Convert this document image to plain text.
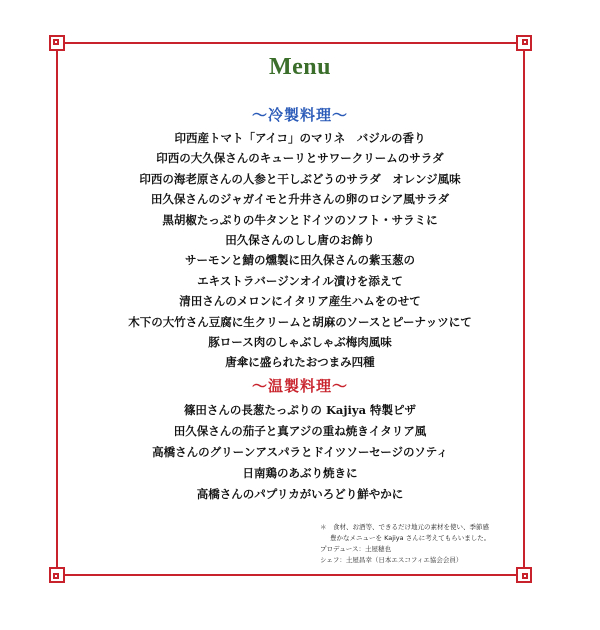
Menu
～冷製料理～
印西産トマト「アイコ」のマリネ　バジルの香り
印西の大久保さんのキューリとサワークリームのサラダ
印西の海老原さんの人参と干しぶどうのサラダ　オレンジ風味
田久保さんのジャガイモと升井さんの卵のロシア風サラダ
黒胡椒たっぷりの牛タンとドイツのソフト・サラミに
田久保さんのしし唐のお飾り
サーモンと鯖の燻製に田久保さんの紫玉葱の
エキストラバージンオイル漬けを添えて
清田さんのメロンにイタリア産生ハムをのせて
木下の大竹さん豆腐に生クリームと胡麻のソースとピーナッツにて
豚ロース肉のしゃぶしゃぶ梅肉風味
唐傘に盛られたおつまみ四種
～温製料理～
篠田さんの長葱たっぷりの Kajiya 特製ピザ
田久保さんの茄子と真アジの重ね焼きイタリア風
高橋さんのグリーンアスパラとドイツソーセージのソティ
日南鶏のあぶり焼きに
高橋さんのパプリカがいろどり鮮やかに
＊　食材、お酒等、できるだけ地元の素材を使い、季節感
豊かなメニューを Kajiya さんに考えてもらいました。
プロデュース：土屋穂也
シェフ：土屋昌幸（日本エスコフィエ協会会員）
